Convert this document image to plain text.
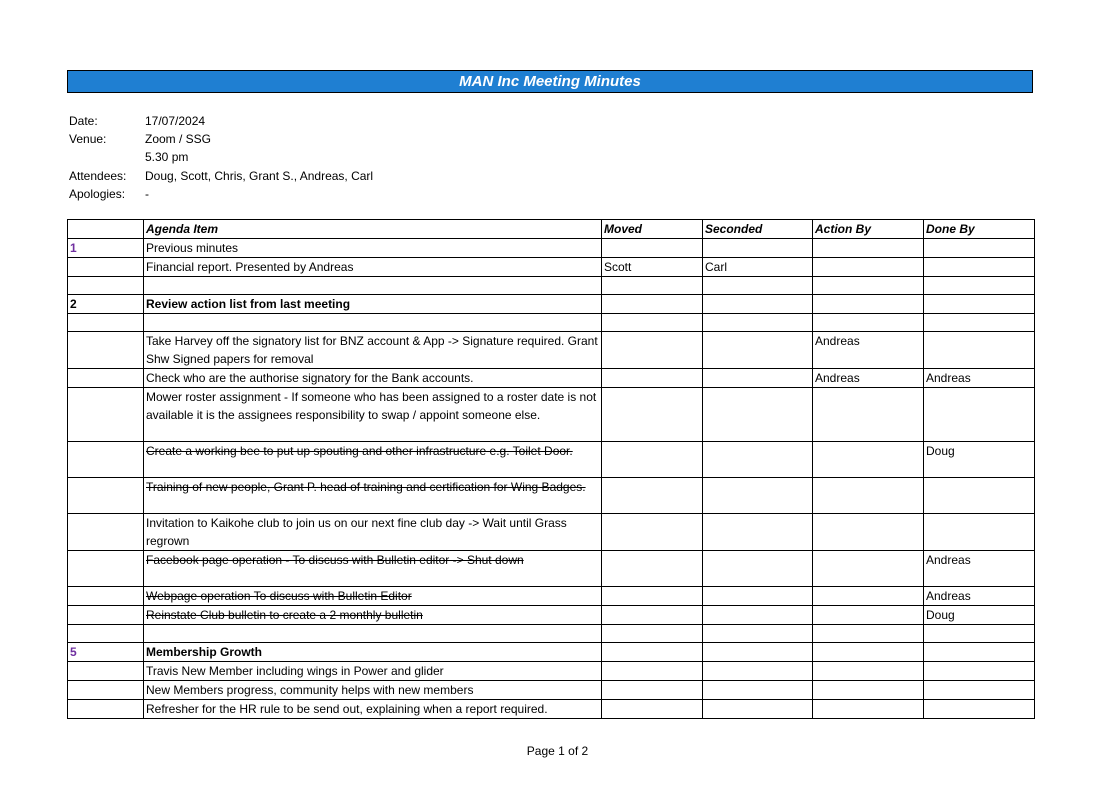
MAN Inc Meeting Minutes
Date:	17/07/2024
Venue:	Zoom / SSG
5.30 pm
Attendees:	Doug, Scott, Chris, Grant S., Andreas, Carl
Apologies:	-
	Agenda Item	Moved	Seconded	Action By	Done By
1	Previous minutes				
	Financial report. Presented by Andreas	Scott	Carl		

2	Review action list from last meeting				

	Take Harvey off the signatory list for BNZ account & App -> Signature required. Grant Shw Signed papers for removal			Andreas	
	Check who are the authorise signatory for the Bank accounts.			Andreas	Andreas
	Mower roster assignment - If someone who has been assigned to a roster date is not available it is the assignees responsibility to swap / appoint someone else.				
	Create a working bee to put up spouting and other infrastructure e.g. Toilet Door.				Doug
	Training of new people, Grant P. head of training and certification for Wing Badges.				
	Invitation to Kaikohe club to join us on our next fine club day -> Wait until Grass regrown				
	Facebook page operation - To discuss with Bulletin editor -> Shut down				Andreas
	Webpage operation To discuss with Bulletin Editor				Andreas
	Reinstate Club bulletin to create a 2 monthly bulletin				Doug

5	Membership Growth				
	Travis New Member including wings in Power and glider				
	New Members progress, community helps with new members				
	Refresher for the HR rule to be send out, explaining when a report required.				
Page 1 of 2
